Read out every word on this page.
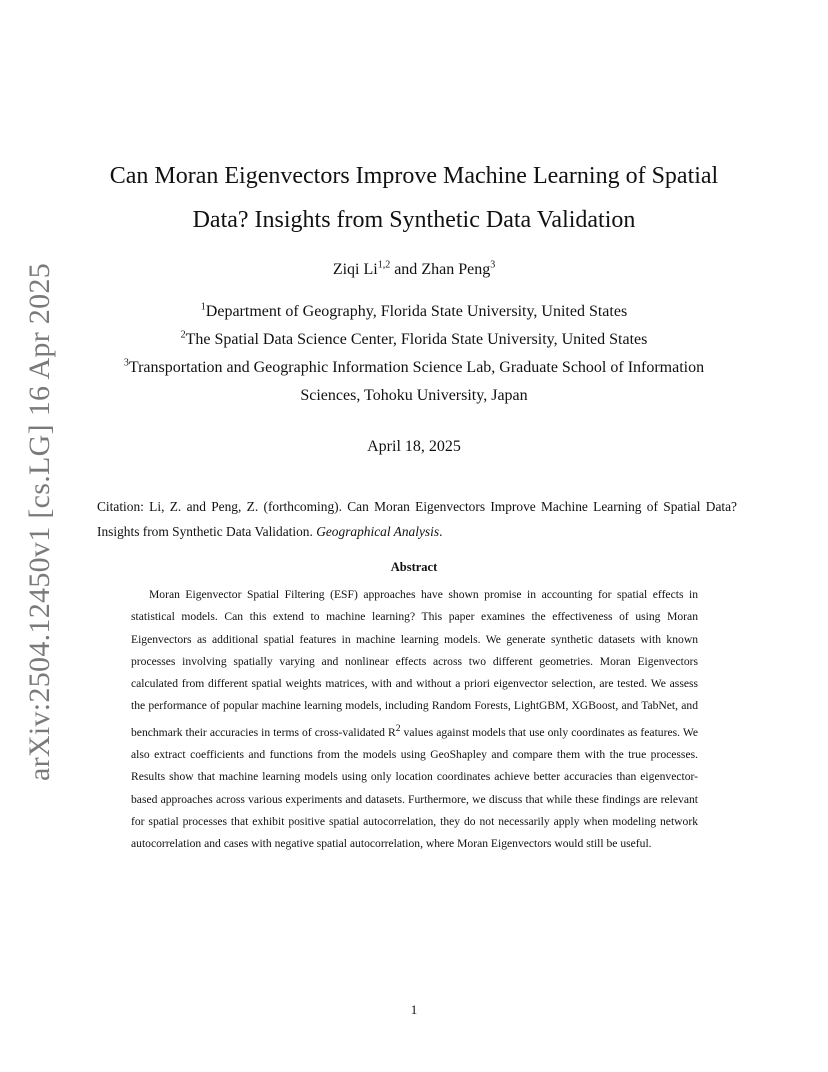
arXiv:2504.12450v1 [cs.LG] 16 Apr 2025
Can Moran Eigenvectors Improve Machine Learning of Spatial Data? Insights from Synthetic Data Validation
Ziqi Li$^{1,2}$ and Zhan Peng$^3$
$^1$Department of Geography, Florida State University, United States
$^2$The Spatial Data Science Center, Florida State University, United States
$^3$Transportation and Geographic Information Science Lab, Graduate School of Information Sciences, Tohoku University, Japan
April 18, 2025
Citation: Li, Z. and Peng, Z. (forthcoming). Can Moran Eigenvectors Improve Machine Learning of Spatial Data? Insights from Synthetic Data Validation. Geographical Analysis.
Abstract
Moran Eigenvector Spatial Filtering (ESF) approaches have shown promise in accounting for spatial effects in statistical models. Can this extend to machine learning? This paper examines the effectiveness of using Moran Eigenvectors as additional spatial features in machine learning models. We generate synthetic datasets with known processes involving spatially varying and nonlinear effects across two different geometries. Moran Eigenvectors calculated from different spatial weights matrices, with and without a priori eigenvector selection, are tested. We assess the performance of popular machine learning models, including Random Forests, LightGBM, XGBoost, and TabNet, and benchmark their accuracies in terms of cross-validated $R^2$ values against models that use only coordinates as features. We also extract coefficients and functions from the models using GeoShapley and compare them with the true processes. Results show that machine learning models using only location coordinates achieve better accuracies than eigenvector-based approaches across various experiments and datasets. Furthermore, we discuss that while these findings are relevant for spatial processes that exhibit positive spatial autocorrelation, they do not necessarily apply when modeling network autocorrelation and cases with negative spatial autocorrelation, where Moran Eigenvectors would still be useful.
1
